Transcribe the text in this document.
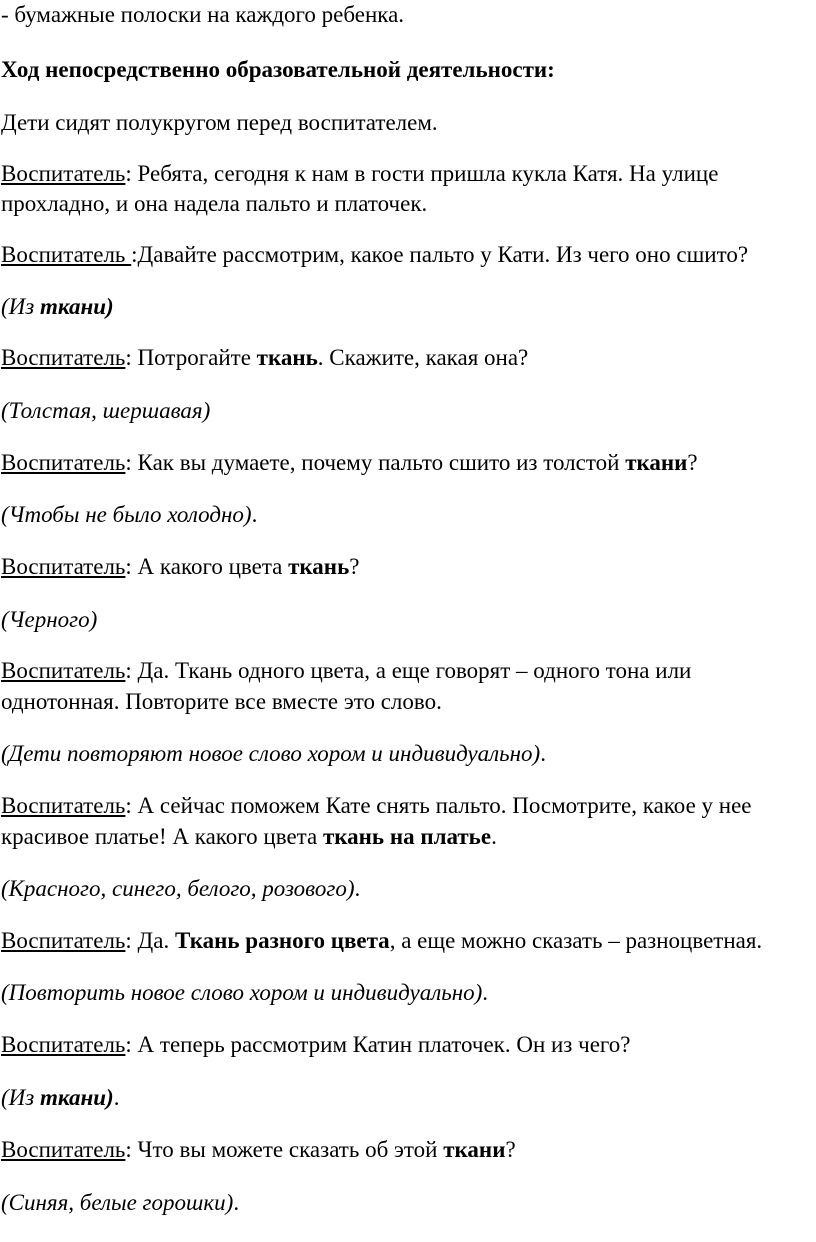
- бумажные полоски на каждого ребенка.

Ход непосредственно образовательной деятельности:

Дети сидят полукругом перед воспитателем.

Воспитатель: Ребята, сегодня к нам в гости пришла кукла Катя. На улице

прохладно, и она надела пальто и платочек.

Воспитатель :Давайте рассмотрим, какое пальто у Кати. Из чего оно сшито?

(Из ткани)

Воспитатель: Потрогайте ткань. Скажите, какая она?

(Толстая, шершавая)

Воспитатель: Как вы думаете, почему пальто сшито из толстой ткани?

(Чтобы не было холодно).

Воспитатель: А какого цвета ткань?

(Черного)

Воспитатель: Да. Ткань одного цвета, а еще говорят – одного тона или

однотонная. Повторите все вместе это слово.

(Дети повторяют новое слово хором и индивидуально).

Воспитатель: А сейчас поможем Кате снять пальто. Посмотрите, какое у нее

красивое платье! А какого цвета ткань на платье.

(Красного, синего, белого, розового).

Воспитатель: Да. Ткань разного цвета, а еще можно сказать – разноцветная.

(Повторить новое слово хором и индивидуально).

Воспитатель: А теперь рассмотрим Катин платочек. Он из чего?

(Из ткани).

Воспитатель: Что вы можете сказать об этой ткани?

(Синяя, белые горошки).
